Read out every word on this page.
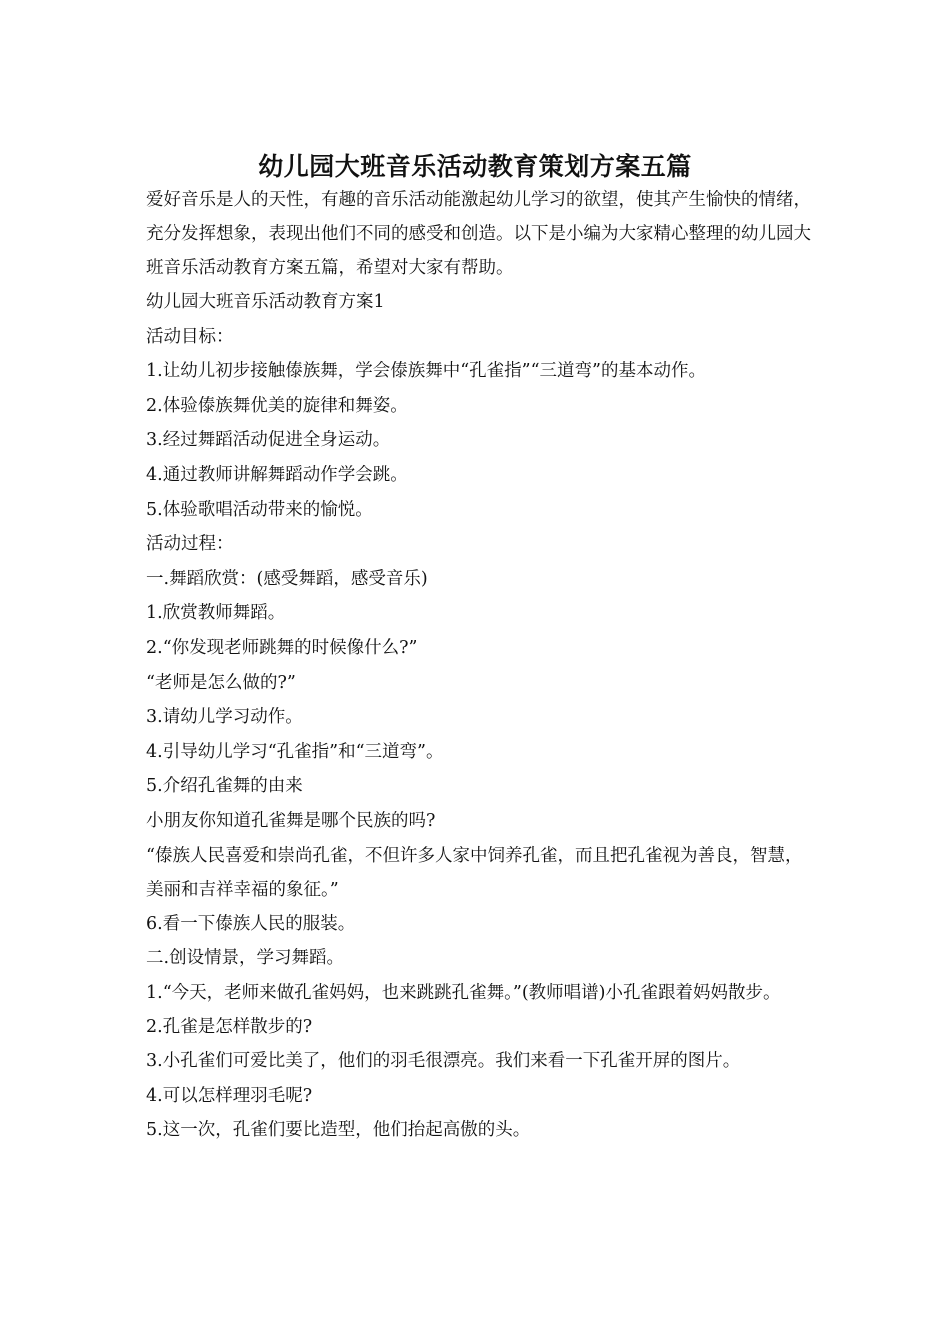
幼儿园大班音乐活动教育策划方案五篇

爱好音乐是人的天性，有趣的音乐活动能激起幼儿学习的欲望，使其产生愉快的情绪，充分发挥想象，表现出他们不同的感受和创造。以下是小编为大家精心整理的幼儿园大班音乐活动教育方案五篇，希望对大家有帮助。

幼儿园大班音乐活动教育方案1

活动目标：

1.让幼儿初步接触傣族舞，学会傣族舞中“孔雀指”“三道弯”的基本动作。

2.体验傣族舞优美的旋律和舞姿。

3.经过舞蹈活动促进全身运动。

4.通过教师讲解舞蹈动作学会跳。

5.体验歌唱活动带来的愉悦。

活动过程：

一.舞蹈欣赏：(感受舞蹈，感受音乐)

1.欣赏教师舞蹈。

2.“你发现老师跳舞的时候像什么?”

“老师是怎么做的?”

3.请幼儿学习动作。

4.引导幼儿学习“孔雀指”和“三道弯”。

5.介绍孔雀舞的由来

小朋友你知道孔雀舞是哪个民族的吗?

“傣族人民喜爱和崇尚孔雀，不但许多人家中饲养孔雀，而且把孔雀视为善良，智慧，美丽和吉祥幸福的象征。”

6.看一下傣族人民的服装。

二.创设情景，学习舞蹈。

1.“今天，老师来做孔雀妈妈，也来跳跳孔雀舞。”(教师唱谱)小孔雀跟着妈妈散步。

2.孔雀是怎样散步的?

3.小孔雀们可爱比美了，他们的羽毛很漂亮。我们来看一下孔雀开屏的图片。

4.可以怎样理羽毛呢?

5.这一次，孔雀们要比造型，他们抬起高傲的头。
